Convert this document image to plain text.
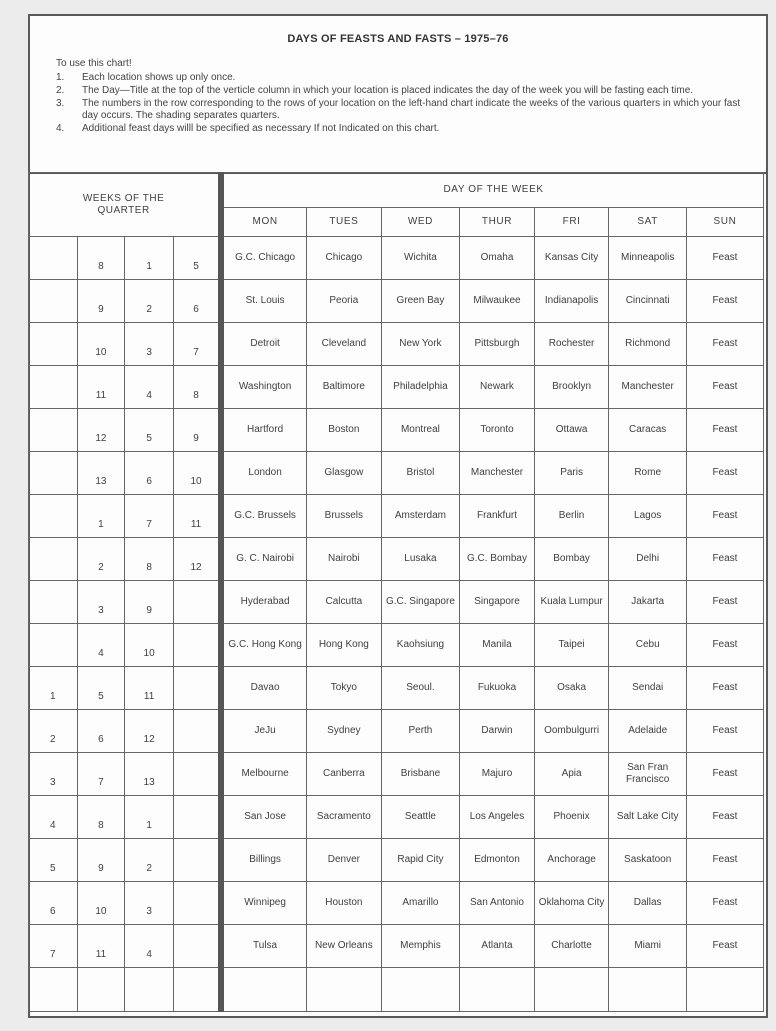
DAYS OF FEASTS AND FASTS – 1975–76
To use this chart!
1.	Each location shows up only once.
2.	The Day—Title at the top of the verticle column in which your location is placed indicates the day of the week you will be fasting each time.
3.	The numbers in the row corresponding to the rows of your location on the left-hand chart indicate the weeks of the various quarters in which your fast day occurs. The shading separates quarters.
4.	Additional feast days willl be specified as necessary If not Indicated on this chart.
WEEKS OF THE QUARTER				DAY OF THE WEEK						
				MON	TUES	WED	THUR	FRI	SAT	SUN
	8	1	5	G.C. Chicago	Chicago	Wichita	Omaha	Kansas City	Minneapolis	Feast
	9	2	6	St. Louis	Peoria	Green Bay	Milwaukee	Indianapolis	Cincinnati	Feast
	10	3	7	Detroit	Cleveland	New York	Pittsburgh	Rochester	Richmond	Feast
	11	4	8	Washington	Baltimore	Philadelphia	Newark	Brooklyn	Manchester	Feast
	12	5	9	Hartford	Boston	Montreal	Toronto	Ottawa	Caracas	Feast
	13	6	10	London	Glasgow	Bristol	Manchester	Paris	Rome	Feast
	1	7	11	G.C. Brussels	Brussels	Amsterdam	Frankfurt	Berlin	Lagos	Feast
	2	8	12	G. C. Nairobi	Nairobi	Lusaka	G.C. Bombay	Bombay	Delhi	Feast
	3	9		Hyderabad	Calcutta	G.C. Singapore	Singapore	Kuala Lumpur	Jakarta	Feast
	4	10		G.C. Hong Kong	Hong Kong	Kaohsiung	Manila	Taipei	Cebu	Feast
1	5	11		Davao	Tokyo	Seoul.	Fukuoka	Osaka	Sendai	Feast
2	6	12		JeJu	Sydney	Perth	Darwin	Oombulgurri	Adelaide	Feast
3	7	13		Melbourne	Canberra	Brisbane	Majuro	Apia	San Fran Francisco	Feast
4	8	1		San Jose	Sacramento	Seattle	Los Angeles	Phoenix	Salt Lake City	Feast
5	9	2		Billings	Denver	Rapid City	Edmonton	Anchorage	Saskatoon	Feast
6	10	3		Winnipeg	Houston	Amarillo	San Antonio	Oklahoma City	Dallas	Feast
7	11	4		Tulsa	New Orleans	Memphis	Atlanta	Charlotte	Miami	Feast
